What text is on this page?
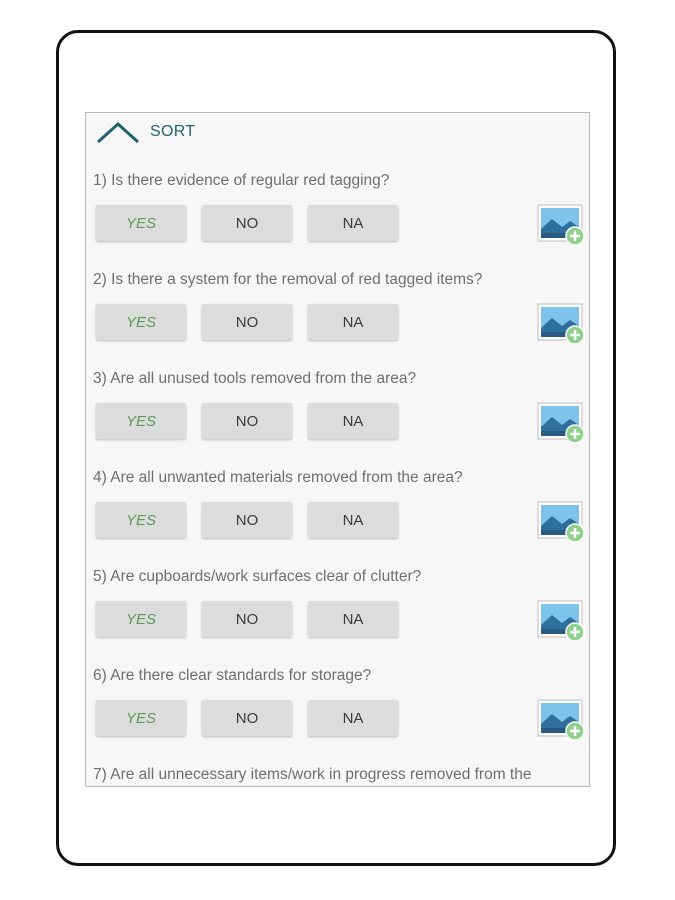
SORT
1) Is there evidence of regular red tagging?
YES	NO	NA
2) Is there a system for the removal of red tagged items?
YES	NO	NA
3) Are all unused tools removed from the area?
YES	NO	NA
4) Are all unwanted materials removed from the area?
YES	NO	NA
5) Are cupboards/work surfaces clear of clutter?
YES	NO	NA
6) Are there clear standards for storage?
YES	NO	NA
7) Are all unnecessary items/work in progress removed from the
